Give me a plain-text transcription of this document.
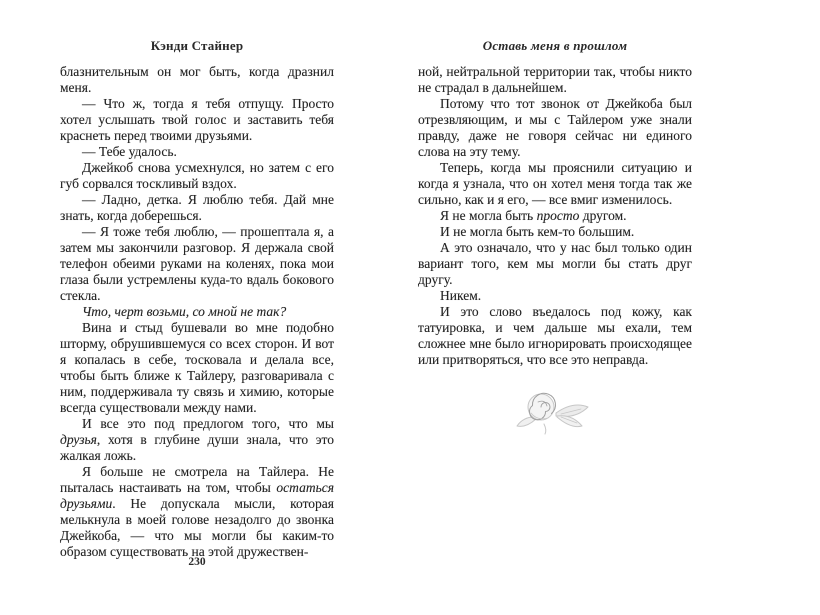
Кэнди Стайнер

блазнительным он мог быть, когда дразнил меня.

— Что ж, тогда я тебя отпущу. Просто хотел услышать твой голос и заставить тебя краснеть перед твоими друзьями.

— Тебе удалось.

Джейкоб снова усмехнулся, но затем с его губ сорвался тоскливый вздох.

— Ладно, детка. Я люблю тебя. Дай мне знать, когда доберешься.

— Я тоже тебя люблю, — прошептала я, а затем мы закончили разговор. Я держала свой телефон обеими руками на коленях, пока мои глаза были устремлены куда-то вдаль бокового стекла.

Что, черт возьми, со мной не так?

Вина и стыд бушевали во мне подобно шторму, обрушившемуся со всех сторон. И вот я копалась в себе, тосковала и делала все, чтобы быть ближе к Тайлеру, разговаривала с ним, поддерживала ту связь и химию, которые всегда существовали между нами.

И все это под предлогом того, что мы друзья, хотя в глубине души знала, что это жалкая ложь.

Я больше не смотрела на Тайлера. Не пыталась настаивать на том, чтобы остаться друзьями. Не допускала мысли, которая мелькнула в моей голове незадолго до звонка Джейкоба, — что мы могли бы каким-то образом существовать на этой дружествен-

230
Оставь меня в прошлом

ной, нейтральной территории так, чтобы никто не страдал в дальнейшем.

Потому что тот звонок от Джейкоба был отрезвляющим, и мы с Тайлером уже знали правду, даже не говоря сейчас ни единого слова на эту тему.

Теперь, когда мы прояснили ситуацию и когда я узнала, что он хотел меня тогда так же сильно, как и я его, — все вмиг изменилось.

Я не могла быть просто другом.

И не могла быть кем-то большим.

А это означало, что у нас был только один вариант того, кем мы могли бы стать друг другу.

Никем.

И это слово въедалось под кожу, как татуировка, и чем дальше мы ехали, тем сложнее мне было игнорировать происходящее или притворяться, что все это неправда.
